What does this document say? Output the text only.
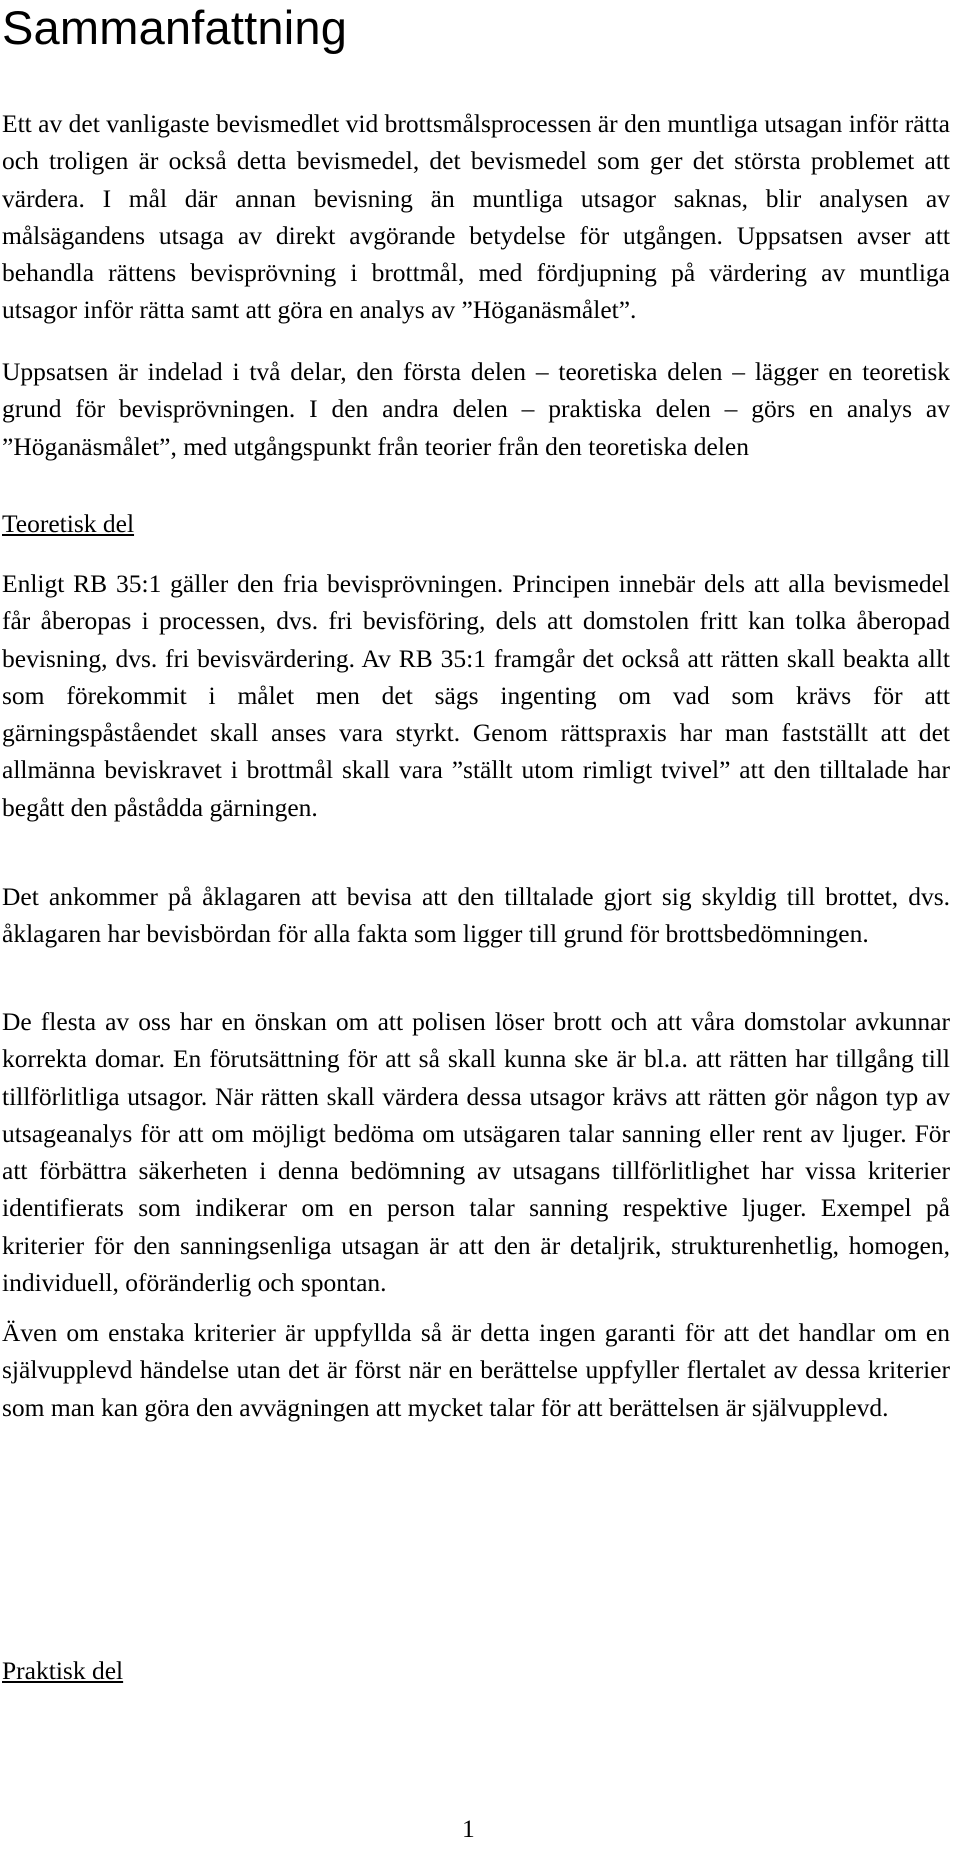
Sammanfattning

Ett av det vanligaste bevismedlet vid brottsmålsprocessen är den muntliga utsagan inför rätta och troligen är också detta bevismedel, det bevismedel som ger det största problemet att värdera. I mål där annan bevisning än muntliga utsagor saknas, blir analysen av målsägandens utsaga av direkt avgörande betydelse för utgången. Uppsatsen avser att behandla rättens bevisprövning i brottmål, med fördjupning på värdering av muntliga utsagor inför rätta samt att göra en analys av ”Höganäsmålet”.

Uppsatsen är indelad i två delar, den första delen – teoretiska delen – lägger en teoretisk grund för bevisprövningen. I den andra delen – praktiska delen – görs en analys av ”Höganäsmålet”, med utgångspunkt från teorier från den teoretiska delen

Teoretisk del

Enligt RB 35:1 gäller den fria bevisprövningen. Principen innebär dels att alla bevismedel får åberopas i processen, dvs. fri bevisföring, dels att domstolen fritt kan tolka åberopad bevisning, dvs. fri bevisvärdering. Av RB 35:1 framgår det också att rätten skall beakta allt som förekommit i målet men det sägs ingenting om vad som krävs för att gärningspåståendet skall anses vara styrkt. Genom rättspraxis har man fastställt att det allmänna beviskravet i brottmål skall vara ”ställt utom rimligt tvivel” att den tilltalade har begått den påstådda gärningen.

Det ankommer på åklagaren att bevisa att den tilltalade gjort sig skyldig till brottet, dvs. åklagaren har bevisbördan för alla fakta som ligger till grund för brottsbedömningen.

De flesta av oss har en önskan om att polisen löser brott och att våra domstolar avkunnar korrekta domar. En förutsättning för att så skall kunna ske är bl.a. att rätten har tillgång till tillförlitliga utsagor. När rätten skall värdera dessa utsagor krävs att rätten gör någon typ av utsageanalys för att om möjligt bedöma om utsägaren talar sanning eller rent av ljuger. För att förbättra säkerheten i denna bedömning av utsagans tillförlitlighet har vissa kriterier identifierats som indikerar om en person talar sanning respektive ljuger. Exempel på kriterier för den sanningsenliga utsagan är att den är detaljrik, strukturenhetlig, homogen, individuell, oföränderlig och spontan.

Även om enstaka kriterier är uppfyllda så är detta ingen garanti för att det handlar om en självupplevd händelse utan det är först när en berättelse uppfyller flertalet av dessa kriterier som man kan göra den avvägningen att mycket talar för att berättelsen är självupplevd.

Praktisk del

1
